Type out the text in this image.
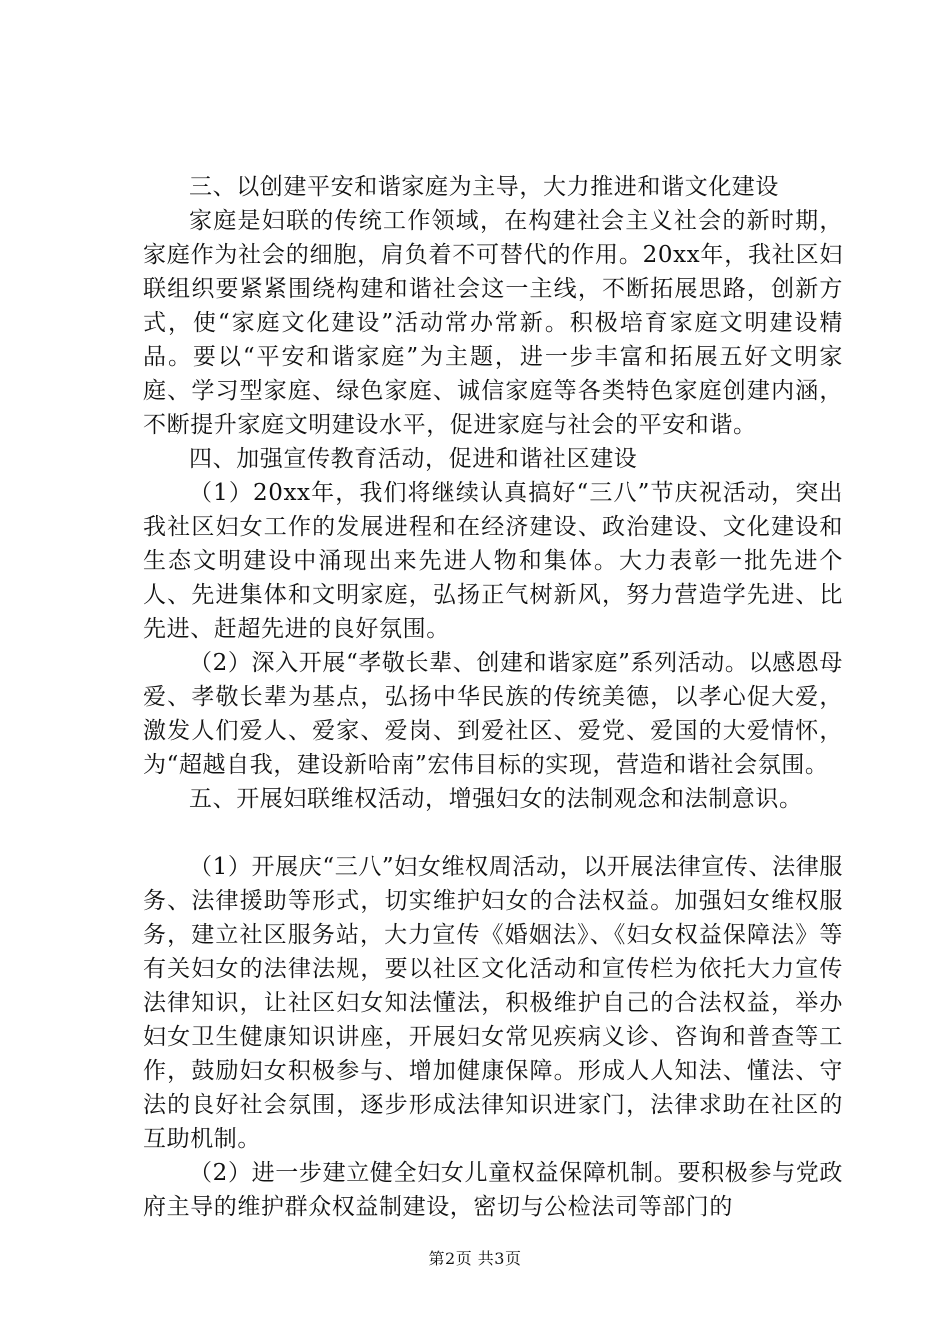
三、以创建平安和谐家庭为主导，大力推进和谐文化建设

家庭是妇联的传统工作领域，在构建社会主义社会的新时期，家庭作为社会的细胞，肩负着不可替代的作用。20xx年，我社区妇联组织要紧紧围绕构建和谐社会这一主线，不断拓展思路，创新方式，使“家庭文化建设”活动常办常新。积极培育家庭文明建设精品。要以“平安和谐家庭”为主题，进一步丰富和拓展五好文明家庭、学习型家庭、绿色家庭、诚信家庭等各类特色家庭创建内涵，不断提升家庭文明建设水平，促进家庭与社会的平安和谐。

四、加强宣传教育活动，促进和谐社区建设

（1）20xx年，我们将继续认真搞好“三八”节庆祝活动，突出我社区妇女工作的发展进程和在经济建设、政治建设、文化建设和生态文明建设中涌现出来先进人物和集体。大力表彰一批先进个人、先进集体和文明家庭，弘扬正气树新风，努力营造学先进、比先进、赶超先进的良好氛围。

（2）深入开展“孝敬长辈、创建和谐家庭”系列活动。以感恩母爱、孝敬长辈为基点，弘扬中华民族的传统美德，以孝心促大爱，激发人们爱人、爱家、爱岗、到爱社区、爱党、爱国的大爱情怀，为“超越自我，建设新哈南”宏伟目标的实现，营造和谐社会氛围。

五、开展妇联维权活动，增强妇女的法制观念和法制意识。

（1）开展庆“三八”妇女维权周活动，以开展法律宣传、法律服务、法律援助等形式，切实维护妇女的合法权益。加强妇女维权服务，建立社区服务站，大力宣传《婚姻法》、《妇女权益保障法》等有关妇女的法律法规，要以社区文化活动和宣传栏为依托大力宣传法律知识，让社区妇女知法懂法，积极维护自己的合法权益，举办妇女卫生健康知识讲座，开展妇女常见疾病义诊、咨询和普查等工作，鼓励妇女积极参与、增加健康保障。形成人人知法、懂法、守法的良好社会氛围，逐步形成法律知识进家门，法律求助在社区的互助机制。

（2）进一步建立健全妇女儿童权益保障机制。要积极参与党政府主导的维护群众权益制建设，密切与公检法司等部门的

第2页 共3页
